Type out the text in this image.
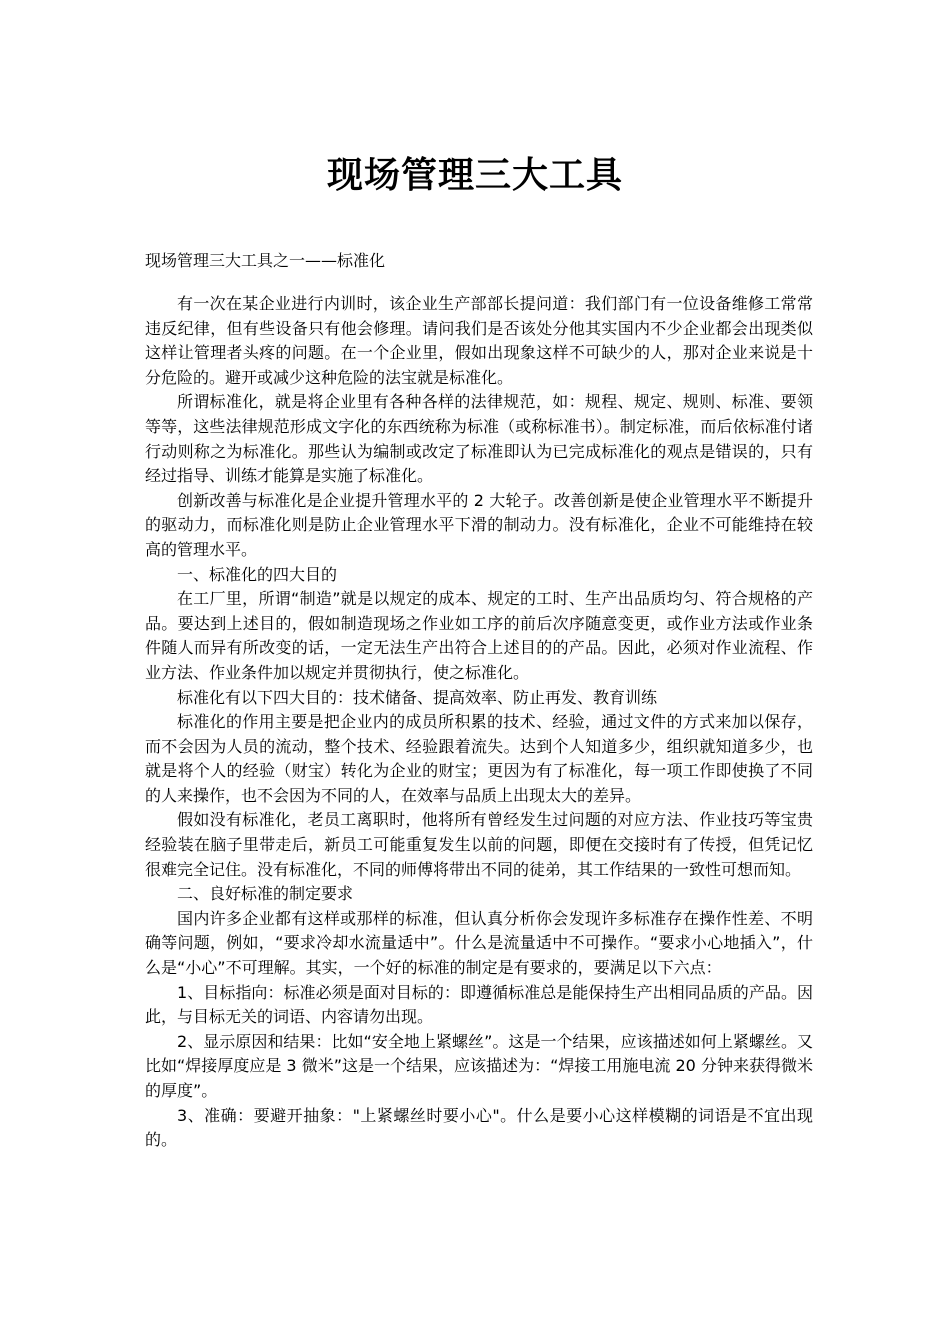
现场管理三大工具
现场管理三大工具之一——标准化

有一次在某企业进行内训时，该企业生产部部长提问道：我们部门有一位设备维修工常常违反纪律，但有些设备只有他会修理。请问我们是否该处分他其实国内不少企业都会出现类似这样让管理者头疼的问题。在一个企业里，假如出现象这样不可缺少的人，那对企业来说是十分危险的。避开或减少这种危险的法宝就是标准化。

所谓标准化，就是将企业里有各种各样的法律规范，如：规程、规定、规则、标准、要领等等，这些法律规范形成文字化的东西统称为标准（或称标准书）。制定标准，而后依标准付诸行动则称之为标准化。那些认为编制或改定了标准即认为已完成标准化的观点是错误的，只有经过指导、训练才能算是实施了标准化。

创新改善与标准化是企业提升管理水平的 2 大轮子。改善创新是使企业管理水平不断提升的驱动力，而标准化则是防止企业管理水平下滑的制动力。没有标准化，企业不可能维持在较高的管理水平。

一、标准化的四大目的

在工厂里，所谓“制造”就是以规定的成本、规定的工时、生产出品质均匀、符合规格的产品。要达到上述目的，假如制造现场之作业如工序的前后次序随意变更，或作业方法或作业条件随人而异有所改变的话，一定无法生产出符合上述目的的产品。因此，必须对作业流程、作业方法、作业条件加以规定并贯彻执行，使之标准化。

标准化有以下四大目的：技术储备、提高效率、防止再发、教育训练

标准化的作用主要是把企业内的成员所积累的技术、经验，通过文件的方式来加以保存，而不会因为人员的流动，整个技术、经验跟着流失。达到个人知道多少，组织就知道多少，也就是将个人的经验（财宝）转化为企业的财宝；更因为有了标准化，每一项工作即使换了不同的人来操作，也不会因为不同的人，在效率与品质上出现太大的差异。

假如没有标准化，老员工离职时，他将所有曾经发生过问题的对应方法、作业技巧等宝贵经验装在脑子里带走后，新员工可能重复发生以前的问题，即便在交接时有了传授，但凭记忆很难完全记住。没有标准化，不同的师傅将带出不同的徒弟，其工作结果的一致性可想而知。

二、良好标准的制定要求

国内许多企业都有这样或那样的标准，但认真分析你会发现许多标准存在操作性差、不明确等问题，例如，“要求冷却水流量适中”。什么是流量适中不可操作。“要求小心地插入”，什么是“小心”不可理解。其实，一个好的标准的制定是有要求的，要满足以下六点：

1、目标指向：标准必须是面对目标的：即遵循标准总是能保持生产出相同品质的产品。因此，与目标无关的词语、内容请勿出现。

2、显示原因和结果：比如“安全地上紧螺丝”。这是一个结果，应该描述如何上紧螺丝。又比如“焊接厚度应是 3 微米”这是一个结果，应该描述为：“焊接工用施电流 20 分钟来获得微米的厚度”。

3、准确：要避开抽象："上紧螺丝时要小心"。什么是要小心这样模糊的词语是不宜出现的。
